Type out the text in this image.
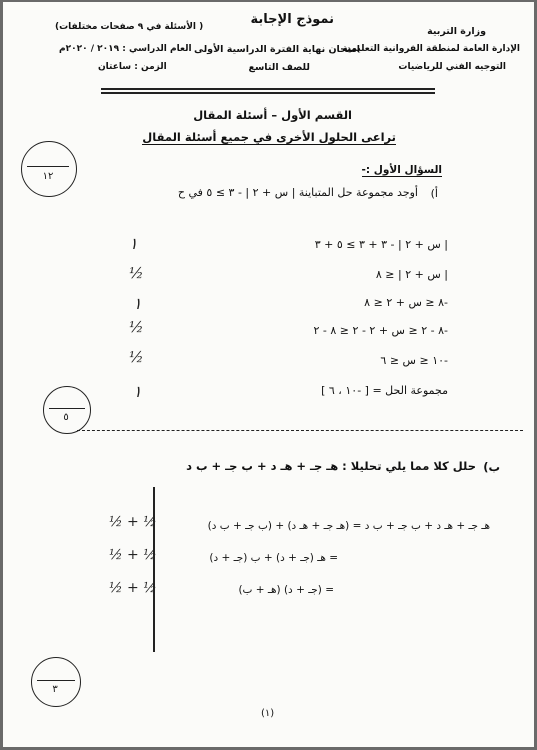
وزارة التربية
الإدارة العامة لمنطقة الفروانية التعليمية
التوجيه الفني للرياضيات
نموذج الإجابة
امتحان نهاية الفترة الدراسية الأولى
للصف التاسع
( الأسئلة في ٩ صفحات مختلفات)
العام الدراسي : ٢٠١٩ / ٢٠٢٠م
الزمن : ساعتان
القسم الأول – أسئلة المقال
تراعى الحلول الأخرى في جميع أسئلة المقال
١٢
السؤال الأول :-
أ)
أوجد مجموعة حل المتباينة | س + ٢ | - ٣ ≥ ٥ في ح
| س + ٢ | - ٣ + ٣ ≥ ٥ + ٣
| س + ٢ | ≤ ٨
-٨ ≤ س + ٢ ≤ ٨
-٨ - ٢ ≤ س + ٢ - ٢ ≤ ٨ - ٢
-١٠ ≤ س ≤ ٦
مجموعة الحل = [ -١٠ ، ٦ ]
١
½
١
½
½
١
٥
ب)
حلل كلا مما يلي تحليلا : هـ جـ + هـ د + ب جـ + ب د
هـ جـ + هـ د + ب جـ + ب د = (هـ جـ + هـ د) + (ب جـ + ب د)
= هـ (جـ + د) + ب (جـ + د)
= (جـ + د) (هـ + ب)
½ + ½
½ + ½
½ + ½
٣
(١)
